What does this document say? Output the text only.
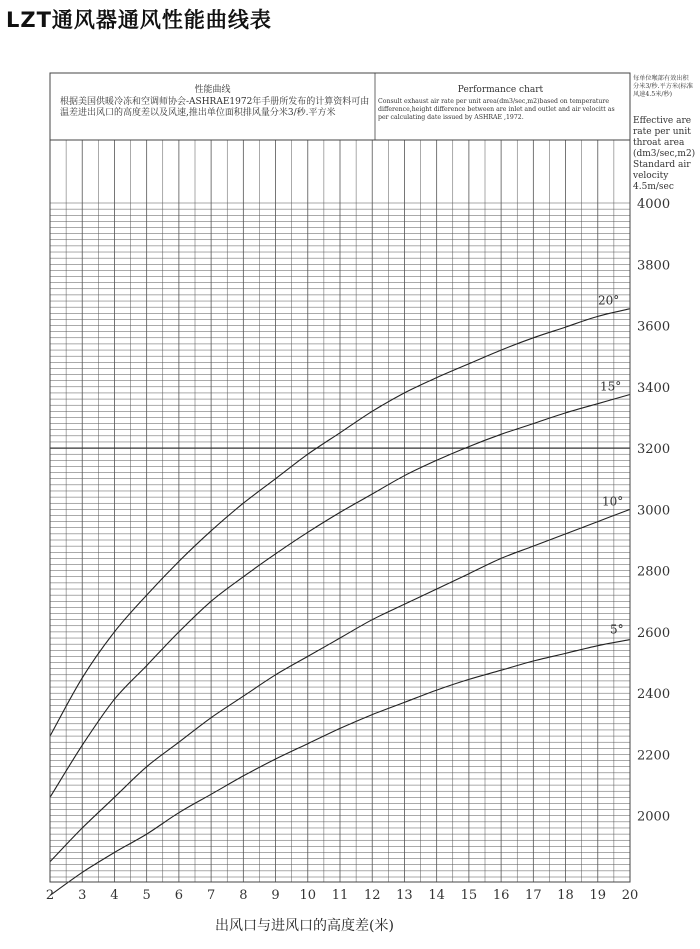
LZT通风器通风性能曲线表
20°
15°
10°
5°
2 3 4 5 6 7 8 9 10 11 12 13 14 15 16 17 18 19 20
2000
2200
2400
2600
2800
3000
3200
3400
3600
3800
4000
性能曲线
根据美国供暖冷冻和空调师协会-ASHRAE1972年手册所发布的计算资料可由温差进出风口的高度差以及风速,推出单位面积排风量分米3/秒.平方米
Performance chart
Consult exhaust air rate per unit area(dm3/sec,m2)based on temperature difference,height difference between are inlet and outlet and air velocitt as per calculating date issued by ASHRAE ,1972.
每单位喉部有效出积分米3/秒.平方米(标准风速4.5米/秒)
Effective are
rate per unit
throat area
(dm3/sec,m2)
Standard air
velocity
4.5m/sec
出风口与进风口的高度差(米)
